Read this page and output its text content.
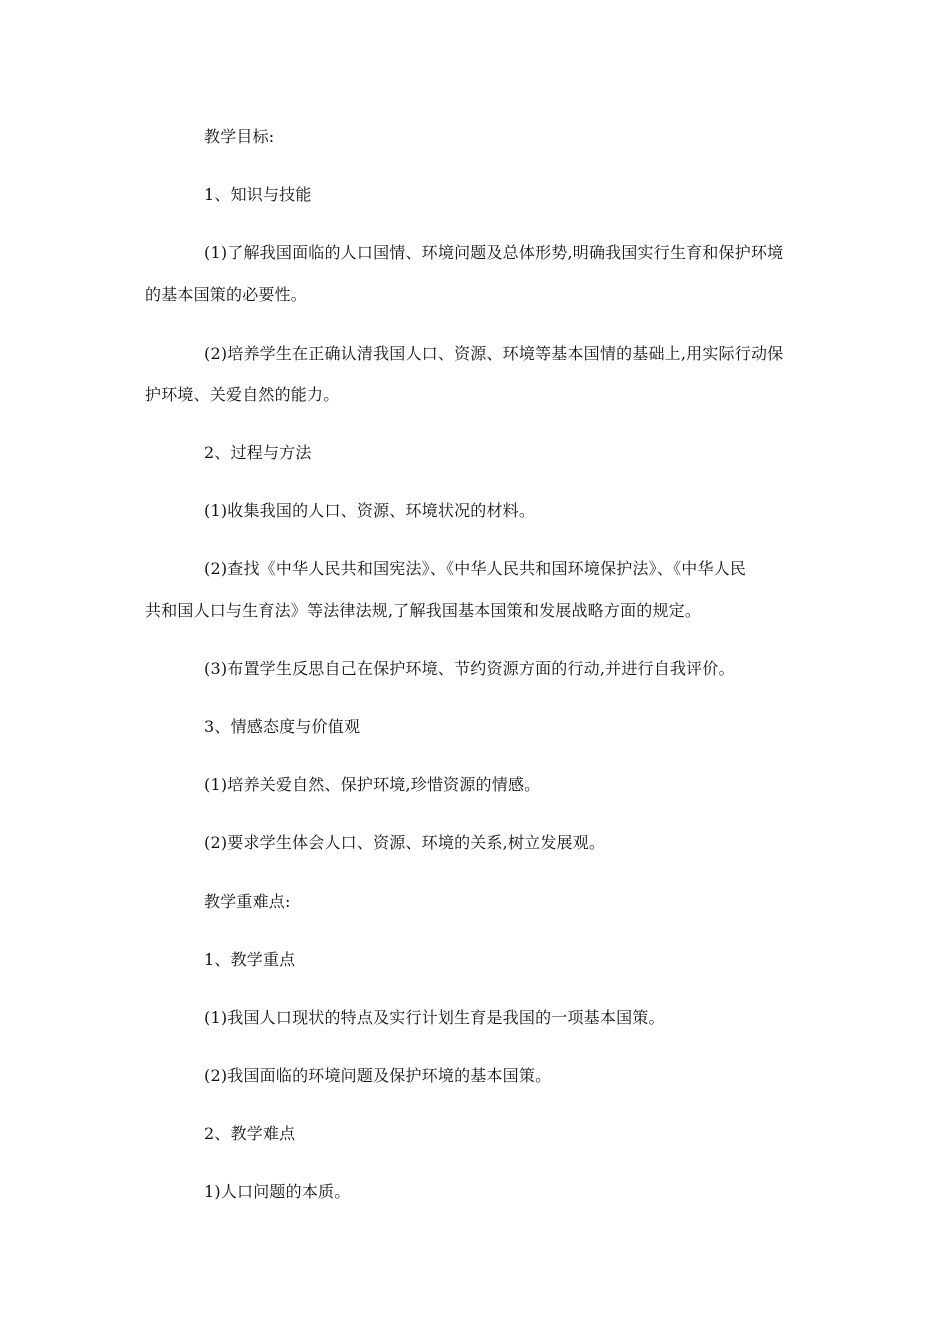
教学目标:
1、知识与技能
(1)了解我国面临的人口国情、环境问题及总体形势,明确我国实行生育和保护环境
的基本国策的必要性。
(2)培养学生在正确认清我国人口、资源、环境等基本国情的基础上,用实际行动保
护环境、关爱自然的能力。
2、过程与方法
(1)收集我国的人口、资源、环境状况的材料。
(2)查找《中华人民共和国宪法》、《中华人民共和国环境保护法》、《中华人民
共和国人口与生育法》等法律法规,了解我国基本国策和发展战略方面的规定。
(3)布置学生反思自己在保护环境、节约资源方面的行动,并进行自我评价。
3、情感态度与价值观
(1)培养关爱自然、保护环境,珍惜资源的情感。
(2)要求学生体会人口、资源、环境的关系,树立发展观。
教学重难点:
1、教学重点
(1)我国人口现状的特点及实行计划生育是我国的一项基本国策。
(2)我国面临的环境问题及保护环境的基本国策。
2、教学难点
1)人口问题的本质。
